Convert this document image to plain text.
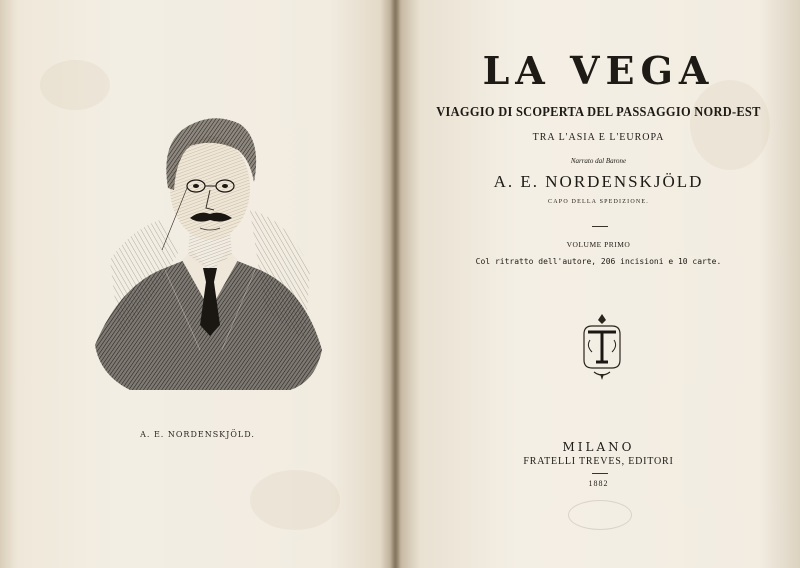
A. E. NORDENSKJÖLD.
LA VEGA
VIAGGIO DI SCOPERTA DEL PASSAGGIO NORD-EST
TRA L'ASIA E L'EUROPA
Narrato dal Barone
A. E. NORDENSKJÖLD
CAPO DELLA SPEDIZIONE.
VOLUME PRIMO
Col ritratto dell'autore, 206 incisioni e 10 carte.
MILANO
FRATELLI TREVES, EDITORI
1882
